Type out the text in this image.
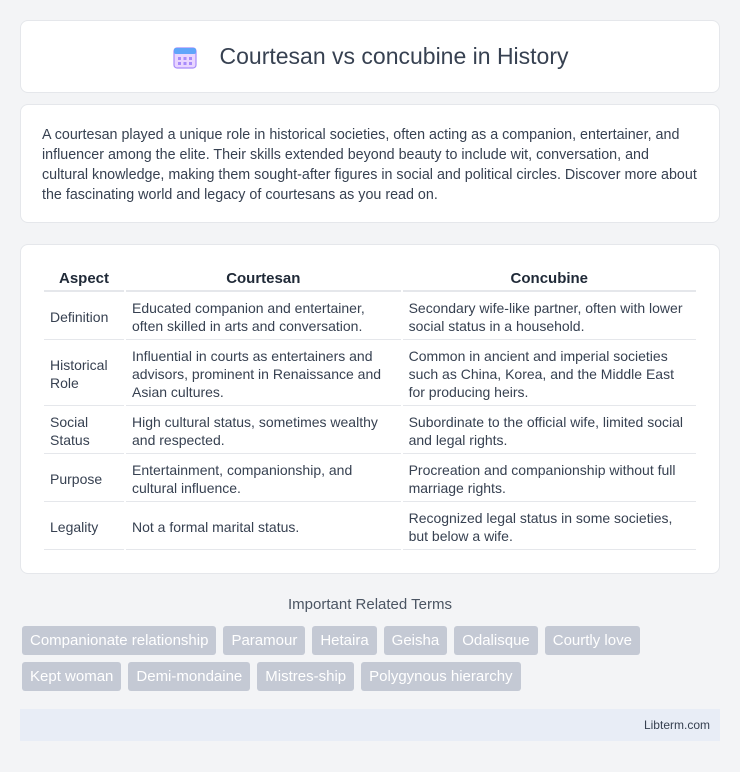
Courtesan vs concubine in History

A courtesan played a unique role in historical societies, often acting as a companion, entertainer, and influencer among the elite. Their skills extended beyond beauty to include wit, conversation, and cultural knowledge, making them sought-after figures in social and political circles. Discover more about the fascinating world and legacy of courtesans as you read on.

Aspect	Courtesan	Concubine
Definition	Educated companion and entertainer, often skilled in arts and conversation.	Secondary wife-like partner, often with lower social status in a household.
Historical Role	Influential in courts as entertainers and advisors, prominent in Renaissance and Asian cultures.	Common in ancient and imperial societies such as China, Korea, and the Middle East for producing heirs.
Social Status	High cultural status, sometimes wealthy and respected.	Subordinate to the official wife, limited social and legal rights.
Purpose	Entertainment, companionship, and cultural influence.	Procreation and companionship without full marriage rights.
Legality	Not a formal marital status.	Recognized legal status in some societies, but below a wife.
Important Related Terms
Companionate relationship	Paramour	Hetaira	Geisha	Odalisque	Courtly love
Kept woman	Demi-mondaine	Mistres-ship	Polygynous hierarchy
Libterm.com
